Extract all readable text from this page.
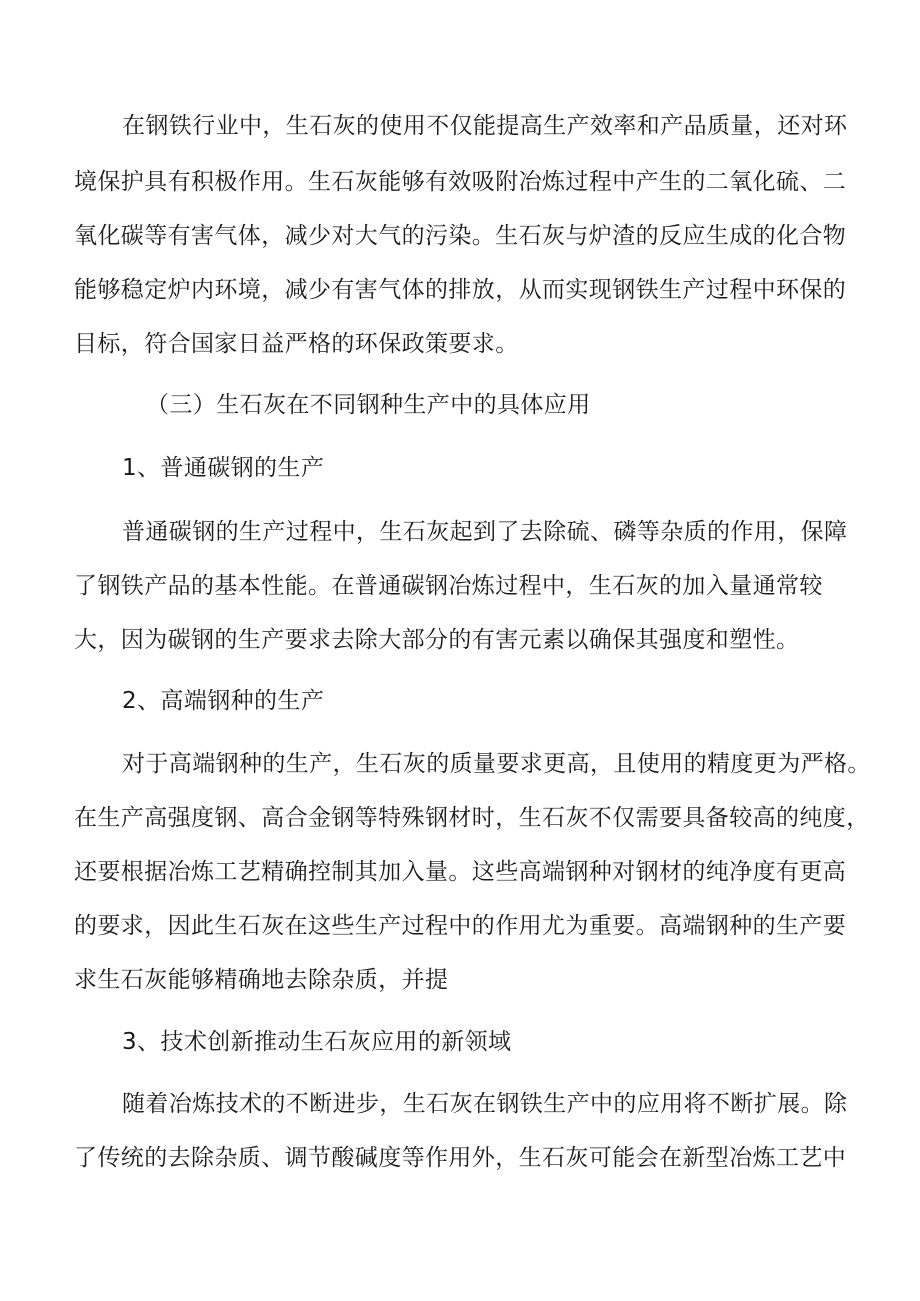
在钢铁行业中，生石灰的使用不仅能提高生产效率和产品质量，还对环
境保护具有积极作用。生石灰能够有效吸附冶炼过程中产生的二氧化硫、二
氧化碳等有害气体，减少对大气的污染。生石灰与炉渣的反应生成的化合物
能够稳定炉内环境，减少有害气体的排放，从而实现钢铁生产过程中环保的
目标，符合国家日益严格的环保政策要求。
（三）生石灰在不同钢种生产中的具体应用
1、普通碳钢的生产
普通碳钢的生产过程中，生石灰起到了去除硫、磷等杂质的作用，保障
了钢铁产品的基本性能。在普通碳钢冶炼过程中，生石灰的加入量通常较
大，因为碳钢的生产要求去除大部分的有害元素以确保其强度和塑性。
2、高端钢种的生产
对于高端钢种的生产，生石灰的质量要求更高，且使用的精度更为严格。
在生产高强度钢、高合金钢等特殊钢材时，生石灰不仅需要具备较高的纯度，
还要根据冶炼工艺精确控制其加入量。这些高端钢种对钢材的纯净度有更高
的要求，因此生石灰在这些生产过程中的作用尤为重要。高端钢种的生产要
求生石灰能够精确地去除杂质，并提
3、技术创新推动生石灰应用的新领域
随着冶炼技术的不断进步，生石灰在钢铁生产中的应用将不断扩展。除
了传统的去除杂质、调节酸碱度等作用外，生石灰可能会在新型冶炼工艺中
